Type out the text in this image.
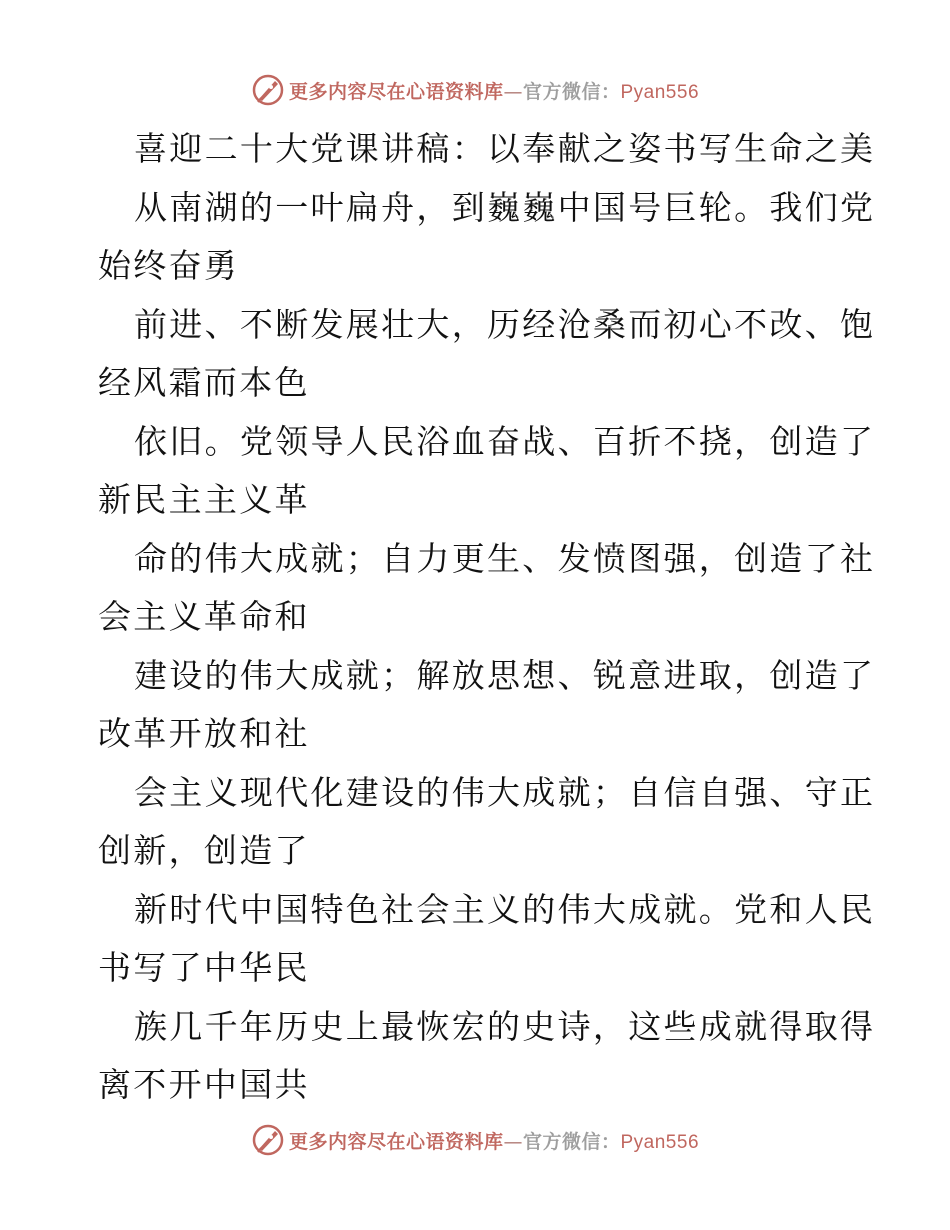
更多内容尽在心语资料库—官方微信：Pyan556
喜迎二十大党课讲稿：以奉献之姿书写生命之美
从南湖的一叶扁舟，到巍巍中国号巨轮。我们党
始终奋勇
前进、不断发展壮大，历经沧桑而初心不改、饱
经风霜而本色
依旧。党领导人民浴血奋战、百折不挠，创造了
新民主主义革
命的伟大成就；自力更生、发愤图强，创造了社
会主义革命和
建设的伟大成就；解放思想、锐意进取，创造了
改革开放和社
会主义现代化建设的伟大成就；自信自强、守正
创新，创造了
新时代中国特色社会主义的伟大成就。党和人民
书写了中华民
族几千年历史上最恢宏的史诗，这些成就得取得
离不开中国共
更多内容尽在心语资料库—官方微信：Pyan556
